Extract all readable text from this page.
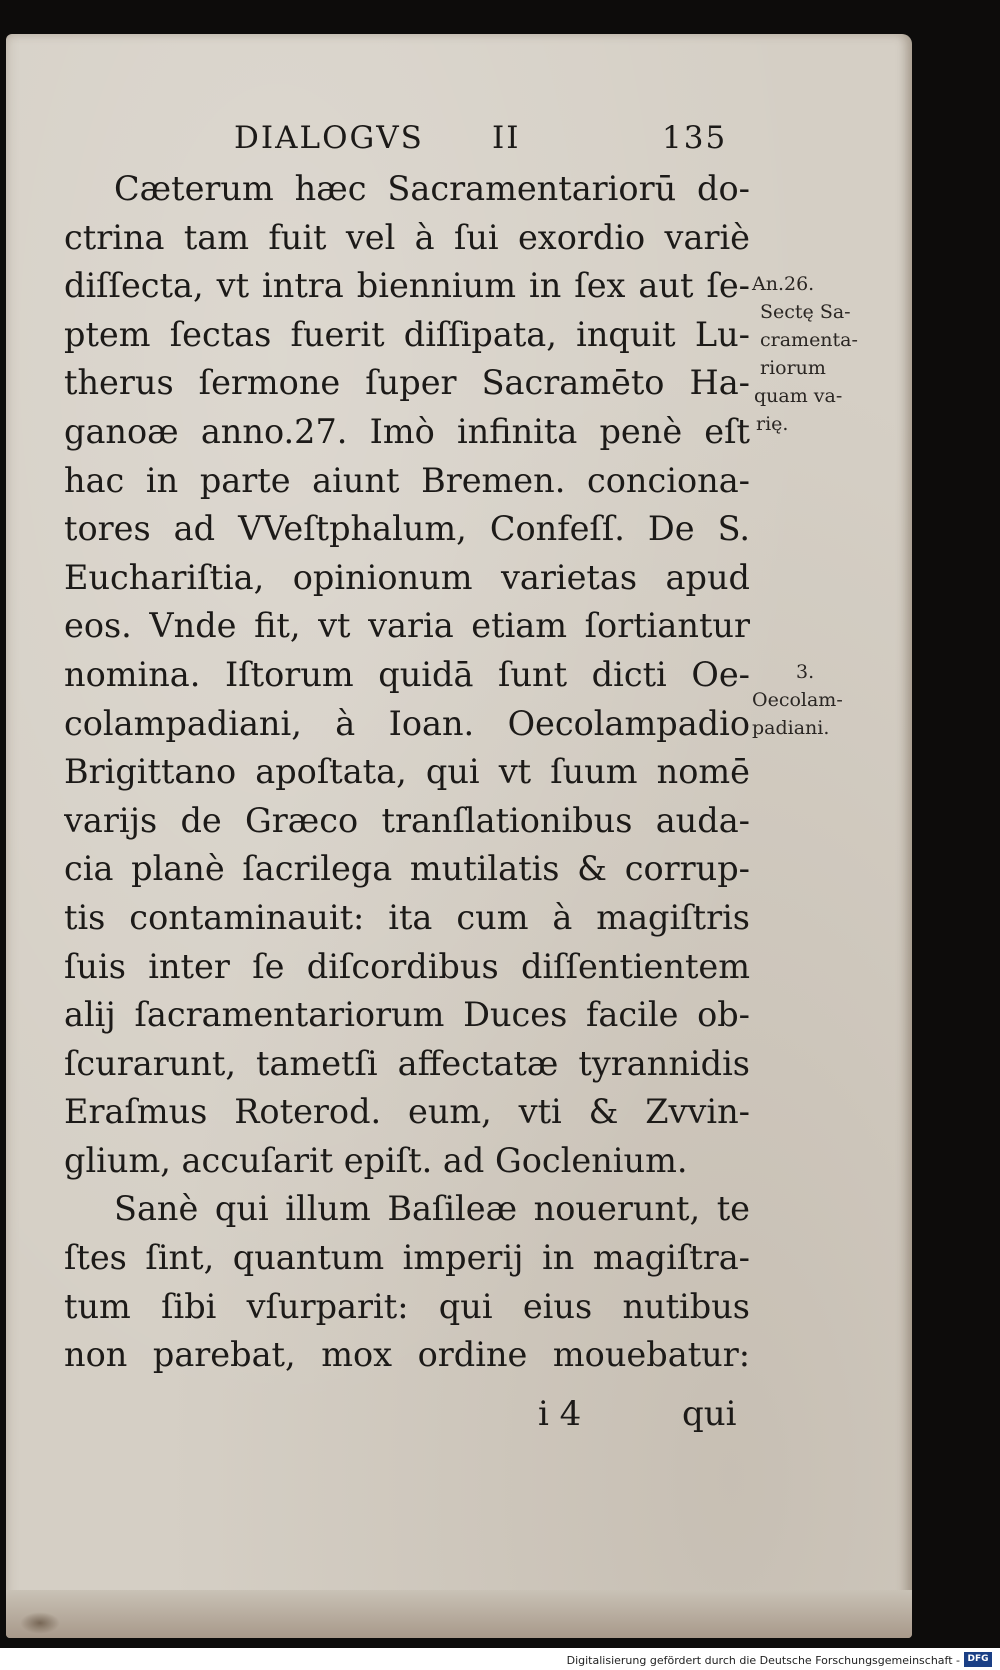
DIALOGVS II	135
Cæterum hæc Sacramentariorū do-
ctrina tam fuit vel à ſui exordio variè
diſſecta, vt intra biennium in ſex aut ſe-
ptem ſectas fuerit diſſipata, inquit Lu-
therus ſermone ſuper Sacramēto Ha-
ganoæ anno.27. Imò infinita penè eſt
hac in parte aiunt Bremen. conciona-
tores ad VVeſtphalum, Confeſſ. De S.
Euchariſtia, opinionum varietas apud
eos. Vnde fit, vt varia etiam ſortiantur
nomina. Iſtorum quidā ſunt dicti Oe-
colampadiani, à Ioan. Oecolampadio
Brigittano apoſtata, qui vt ſuum nomē
varijs de Græco tranſlationibus auda-
cia planè ſacrilega mutilatis & corrup-
tis contaminauit: ita cum à magiſtris
ſuis inter ſe diſcordibus diſſentientem
alij ſacramentariorum Duces facile ob-
ſcurarunt, tametſi affectatæ tyrannidis
Eraſmus Roterod. eum, vti & Zvvin-
glium, accuſarit epiſt. ad Goclenium.
Sanè qui illum Baſileæ nouerunt, te
ſtes ſint, quantum imperij in magiſtra-
tum ſibi vſurparit: qui eius nutibus
non parebat, mox ordine mouebatur:
i 4	qui
An.26.
Sectę Sa-
cramenta-
riorum
quam va-
rię.
3.
Oecolam-
padiani.
Digitalisierung gefördert durch die Deutsche Forschungsgemeinschaft - DFG
